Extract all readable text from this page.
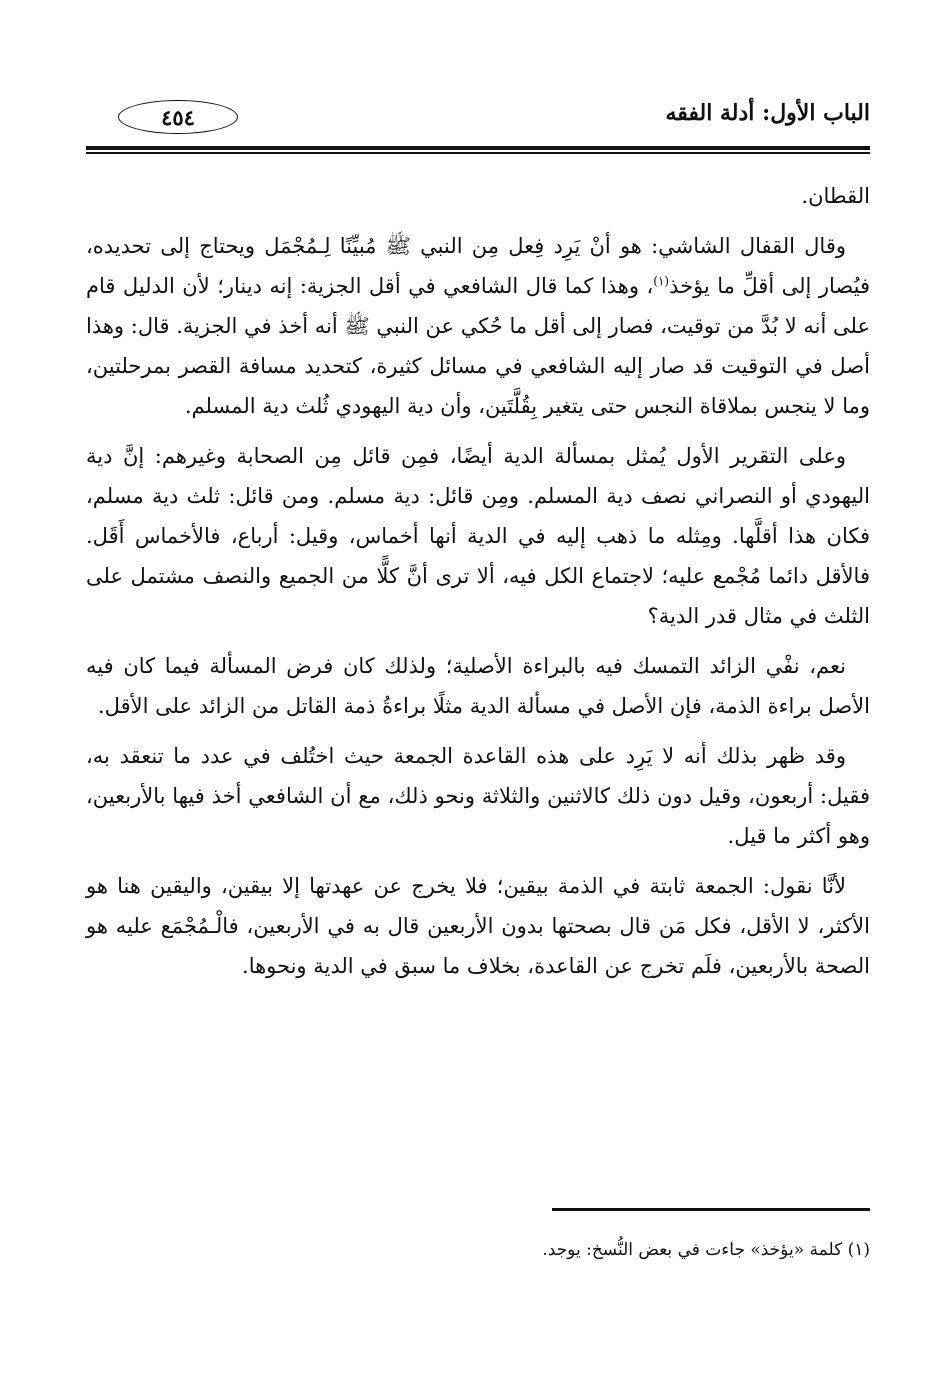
الباب الأول: أدلة الفقه
٤٥٤

القطان.

وقال القفال الشاشي: هو أنْ يَرِد فِعل مِن النبي ﷺ مُبيِّنًا لِـمُجْمَل ويحتاج إلى تحديده، فيُصار إلى أقلِّ ما يؤخذ$^{(١)}$، وهذا كما قال الشافعي في أقل الجزية: إنه دينار؛ لأن الدليل قام على أنه لا بُدَّ من توقيت، فصار إلى أقل ما حُكي عن النبي ﷺ أنه أخذ في الجزية. قال: وهذا أصل في التوقيت قد صار إليه الشافعي في مسائل كثيرة، كتحديد مسافة القصر بمرحلتين، وما لا ينجس بملاقاة النجس حتى يتغير بِقُلَّتَين، وأن دية اليهودي ثُلث دية المسلم.

وعلى التقرير الأول يُمثل بمسألة الدية أيضًا، فمِن قائل مِن الصحابة وغيرهم: إنَّ دية اليهودي أو النصراني نصف دية المسلم. ومِن قائل: دية مسلم. ومن قائل: ثلث دية مسلم، فكان هذا أقلَّها. ومِثله ما ذهب إليه في الدية أنها أخماس، وقيل: أرباع، فالأخماس أَقَل. فالأقل دائما مُجْمع عليه؛ لاجتماع الكل فيه، ألا ترى أنَّ كلًّا من الجميع والنصف مشتمل على الثلث في مثال قدر الدية؟

نعم، نفْي الزائد التمسك فيه بالبراءة الأصلية؛ ولذلك كان فرض المسألة فيما كان فيه الأصل براءة الذمة، فإن الأصل في مسألة الدية مثلًا براءةُ ذمة القاتل من الزائد على الأقل.

وقد ظهر بذلك أنه لا يَرِد على هذه القاعدة الجمعة حيث اختُلف في عدد ما تنعقد به، فقيل: أربعون، وقيل دون ذلك كالاثنين والثلاثة ونحو ذلك، مع أن الشافعي أخذ فيها بالأربعين، وهو أكثر ما قيل.

لأنَّا نقول: الجمعة ثابتة في الذمة بيقين؛ فلا يخرج عن عهدتها إلا بيقين، واليقين هنا هو الأكثر، لا الأقل، فكل مَن قال بصحتها بدون الأربعين قال به في الأربعين، فالْـمُجْمَع عليه هو الصحة بالأربعين، فلَم تخرج عن القاعدة، بخلاف ما سبق في الدية ونحوها.

(١) كلمة «يؤخذ» جاءت في بعض النُّسخ: يوجد.
